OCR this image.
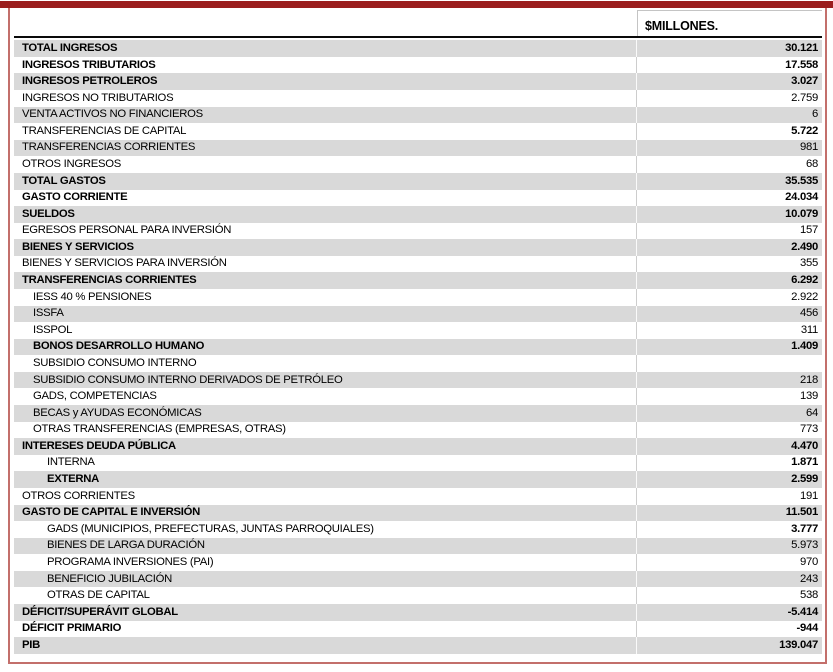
$MILLONES.
TOTAL INGRESOS	30.121
INGRESOS TRIBUTARIOS	17.558
INGRESOS PETROLEROS	3.027
INGRESOS NO TRIBUTARIOS	2.759
VENTA ACTIVOS NO FINANCIEROS	6
TRANSFERENCIAS DE CAPITAL	5.722
TRANSFERENCIAS CORRIENTES	981
OTROS INGRESOS	68
TOTAL GASTOS	35.535
GASTO CORRIENTE	24.034
SUELDOS	10.079
EGRESOS PERSONAL PARA INVERSIÓN	157
BIENES Y SERVICIOS	2.490
BIENES Y SERVICIOS PARA INVERSIÓN	355
TRANSFERENCIAS CORRIENTES	6.292
IESS 40 % PENSIONES	2.922
ISSFA	456
ISSPOL	311
BONOS DESARROLLO HUMANO	1.409
SUBSIDIO CONSUMO INTERNO
SUBSIDIO CONSUMO INTERNO DERIVADOS DE PETRÓLEO	218
GADS, COMPETENCIAS	139
BECAS y AYUDAS ECONÓMICAS	64
OTRAS TRANSFERENCIAS (EMPRESAS, OTRAS)	773
INTERESES DEUDA PÚBLICA	4.470
INTERNA	1.871
EXTERNA	2.599
OTROS CORRIENTES	191
GASTO DE CAPITAL E INVERSIÓN	11.501
GADS (MUNICIPIOS, PREFECTURAS, JUNTAS PARROQUIALES)	3.777
BIENES DE LARGA DURACIÓN	5.973
PROGRAMA INVERSIONES (PAI)	970
BENEFICIO JUBILACIÓN	243
OTRAS DE CAPITAL	538
DÉFICIT/SUPERÁVIT GLOBAL	-5.414
DÉFICIT PRIMARIO	-944
PIB	139.047
